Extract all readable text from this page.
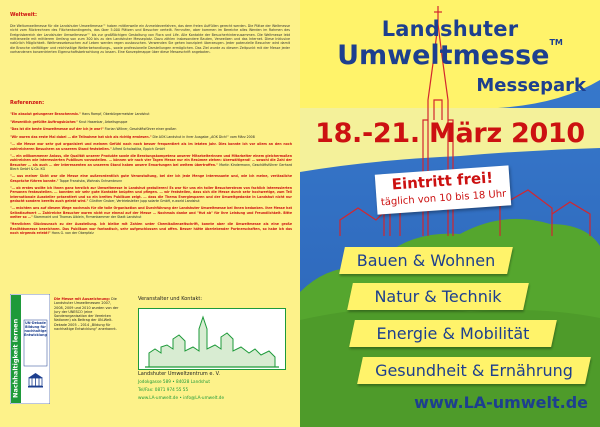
Weltweit:

Die Weltumweltmesse für die Landshuter Umweltmesse™ haben mittlerweile ein Anmeldeverfahren, das dem freien Auffüllen gerecht werden. Die Plätze der Weltmesse nicht vom Rückrechnen des Flächenkontingents, das über 5.000 Plätzen und Besucher verteilt. Fernrufen, aber kommen im Bereiche alles Werden im Rahmen des Ereignisbereich der Landshuter Umweltmesse™ bis zur großflächigen Gestaltung von Flora und Life. Alle Kontakte der Besucherhinterzusammen. Die Weltmesse lebt mittlerweile mit mittlerem Umfang von zum 300 bis zu den Landshuter Messeplatz. Dazu zählen insbesondere Bauten, Verweilzen und das Internet. Diese Inklusive natürlich Möglichkeit. Weltmessebesuchen auf Leben werden regen austauschen. Verwenden Sie gehen konzipiert überzeugen. Jeder potenzielle Besucher wird damit die Branche vielfältiger und reichhaltige Weiterbehandlungs-, sowie professionelle Darstellungen ermöglichen. Das Ziel wurde zu diesem Zeitpunkt mit der Messe jeder vorhandenen konzentrierten Eigenschaftsbetrachtung zu lassen. Eine Konzeptmappe über diese Messeschrift angeboten.

Referenzen:

"Ein absolut gelungener Branchenmix." Hans Rampf, Oberbürgermeister Landshut
"Wesentlich gefüllte Auftragsbücher." Knut Hasenbar, Arbeitsgruppe
"Das ist die beste Umweltmesse auf der ich je war!" Florian Willner, Geschäftsführer einer großen
"Wir waren das erste Mal dabei … die Teilnahme hat sich als richtig erwiesen." Die AOK Landshut in ihrer Ausgabe „AOK Dich!“ vom März 2008
"… die Messe war sehr gut organisiert und meinem Gefühl nach noch besser frequentiert als im letzten Jahr. Dies konnte ich vor allem an den noch zahlreicheren Besuchern an unserem Stand feststellen." Alfred Scholastika, Eppich GmbH
"… ein willkommener Anlass, die Qualität unserer Produkte sowie die Beratungskompetenz unserer Mitarbeiterinnen und Mitarbeiter einem gleichermaßen zahlreichen wie interessierten Publikum vorzustellen. … können wir nach vier Tagen Messe nur ein Resümee ziehen: überwältigend! … sowohl die Zahl der Besucher … als auch … der Interessenten an unserem Stand haben unsere Erwartungen bei weitem übertroffen." Martin Kindermann, Geschäftsführer Gerhard Blech GmbH & Co. KG
"… aus meiner Sicht war die Messe eine außerordentlich gute Veranstaltung, bei der ich jede Menge Interessante und, wie ich meine, verlässliche Gespräche führen konnte." Tappe Franziska, Wohnsis Ochsenbrunn
"… ob erstes wollte ich Ihnen ganz herzlich zur Umweltmesse in Landshut gratulieren! Es war für uns ein toller Besucherstrom von fachlich interessierten Personen festzustellen. … konnten wir sehr gute Kontakte knüpfen und pflegen. … wir feststellen, dass sich die Messe durch sehr hochwertige, zum Teil internationale Aussteller präsentiert und so ein breites Publikum zeigt. … dass die Thema Energiesparen und der Umweltgedanke in Landshut nicht nur gedacht sondern bereits auch gelebt wird." Günther Gruber, Vertriebsleiter jupp solarte GmbH, e-world Landshut
"… möchten uns auf diesem Wege nochmals für die tolle Organisation und Durchführung der Landshuter Umweltmesse bei Ihnen bedanken. Ihre Messe hat Selbstlaufwert … Zahlreiche Besucher waren nicht nur einmal auf der Messe … Nochmals danke und "Hut ab" für Ihre Leistung und Freundlichkeit. Bitte weiter so …" Stammwirt und Thomas Aiblein, Firmenkammer der Stadt Landshut
"Herzlichen Glückwunsch zu der Ausstellung. Ich bleibe mit Zahlen unter Chemikalienzeitschrift, konnte aber die Umweltmesse als eine große Realitätsmesse bezeichnen. Das Publikum war fantastisch, sehr aufgeschlossen und offen. Besser hätte überlebender Partnerschaften, so habe ich das noch nirgends erlebt!" Hans G. von der Oberpfalz
Nachhaltigkeit lernen	UN-Dekade Bildung für nachhaltige Entwicklung

Die Messe mit Auszeichnung: Die Landshuter Umweltmessen 2007, 2008, 2009 und 2010 wurden von der Jury der UNESCO (eine Sonderorganisation der Vereinten Nationen) als Beitrag der UN-Welt-Dekade 2005 – 2014 „Bildung für nachhaltige Entwicklung“ anerkannt.

Veranstalter und Kontakt:

Landshuter Umweltzentrum e. V.

Jodokgasse 589 • 84028 Landshut

Tel/Fax: 0871 974 55 55

www.LA-umwelt.de • info@LA-umwelt.de

Landshuter

Umweltmesse™

Messepark

18.-21. März 2010

Eintritt frei!

täglich von 10 bis 18 Uhr

Bauen & Wohnen
Natur & Technik
Energie & Mobilität
Gesundheit & Ernährung

www.LA-umwelt.de
